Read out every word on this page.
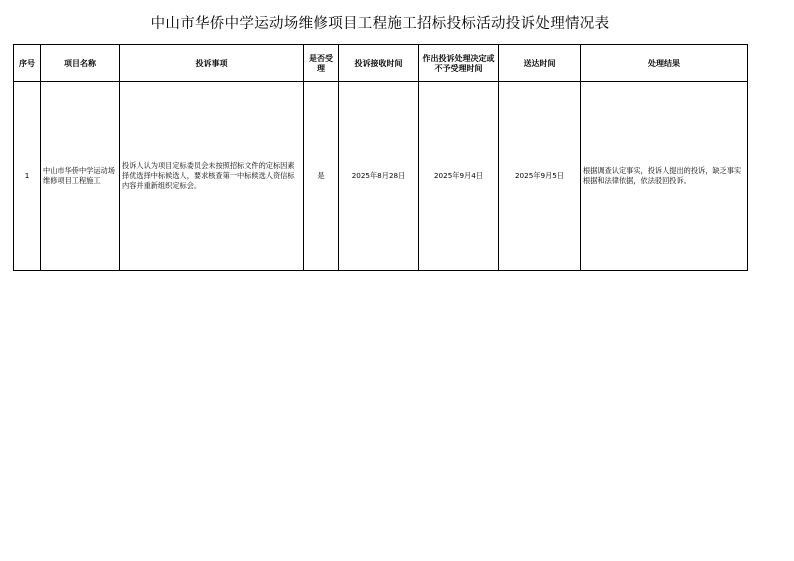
中山市华侨中学运动场维修项目工程施工招标投标活动投诉处理情况表
序号	项目名称	投诉事项	是否受理	投诉接收时间	作出投诉处理决定或不予受理时间	送达时间	处理结果
1	中山市华侨中学运动场维修项目工程施工	投诉人认为项目定标委员会未按照招标文件的定标因素择优选择中标候选人，要求核查第一中标候选人资信标内容并重新组织定标会。	是	2025年8月28日	2025年9月4日	2025年9月5日	根据调查认定事实，投诉人提出的投诉，缺乏事实根据和法律依据，依法驳回投诉。
